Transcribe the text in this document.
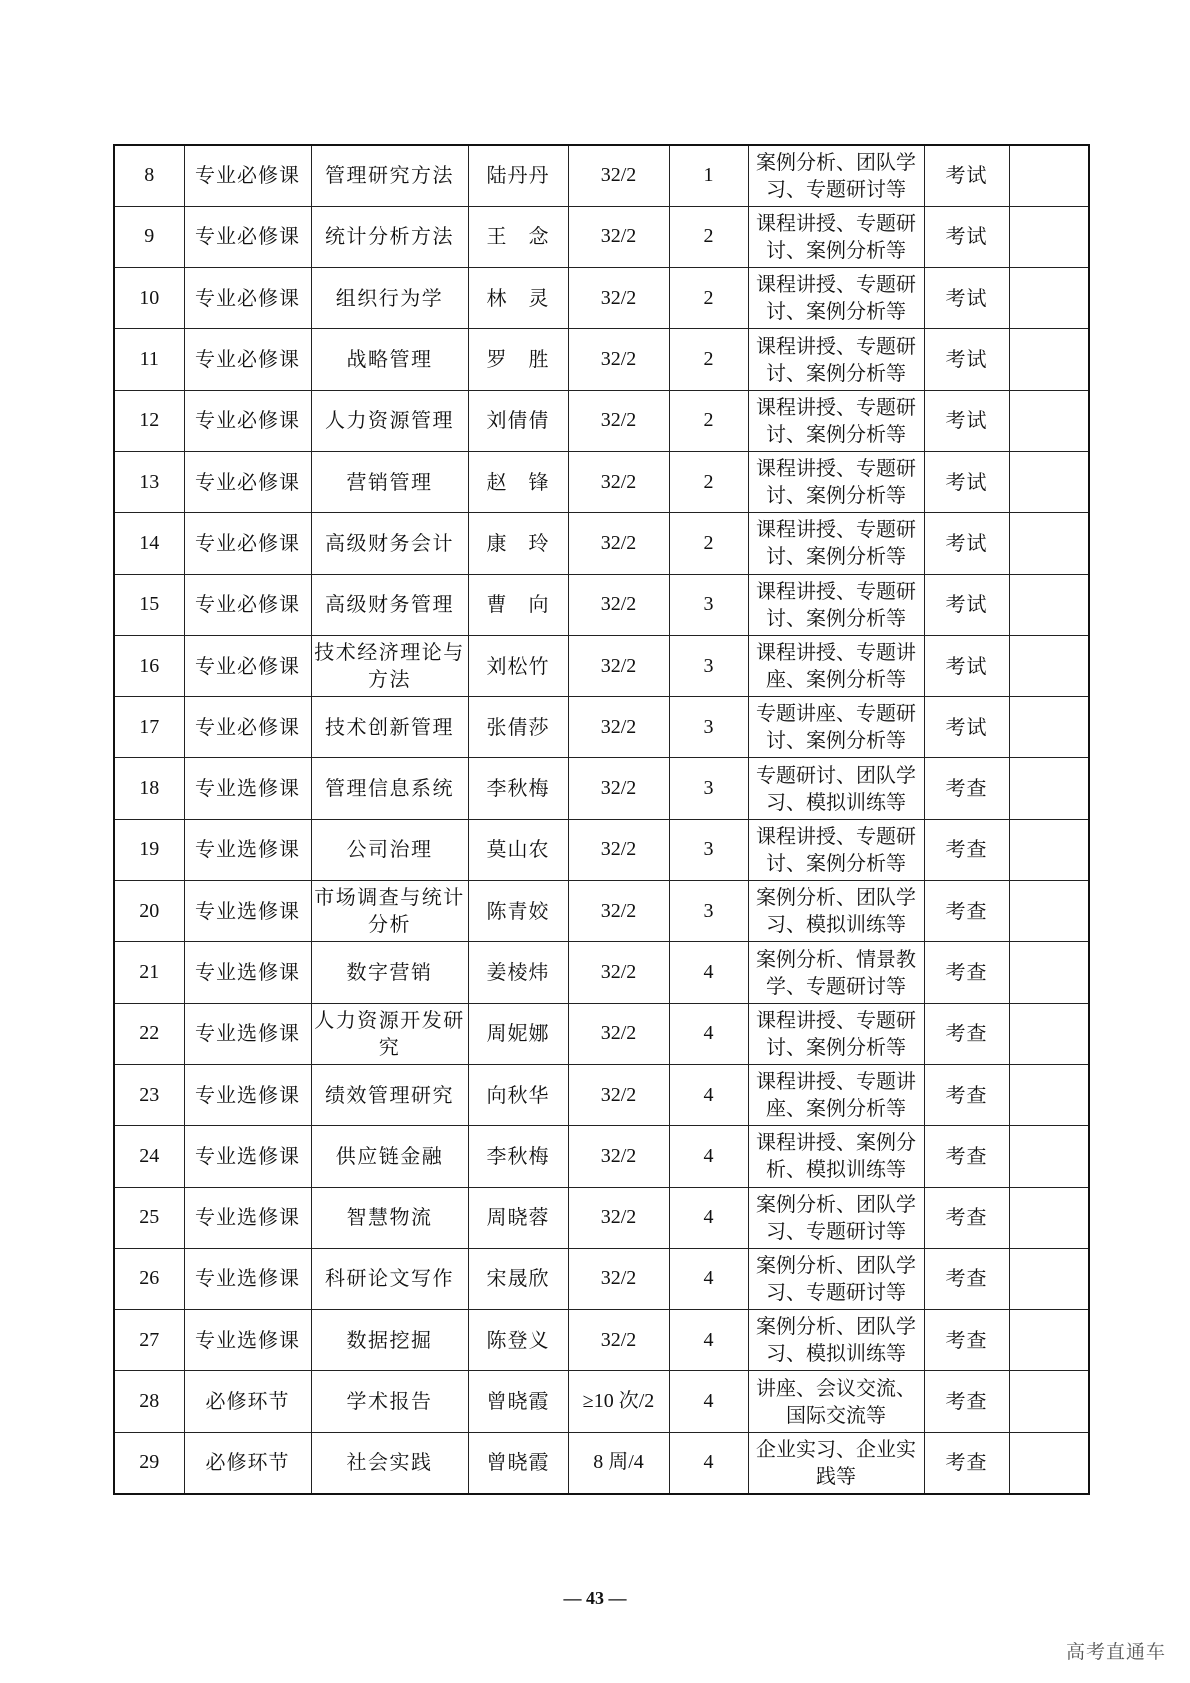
8	专业必修课	管理研究方法	陆丹丹	32/2	1	案例分析、团队学习、专题研讨等	考试	
9	专业必修课	统计分析方法	王　念	32/2	2	课程讲授、专题研讨、案例分析等	考试	
10	专业必修课	组织行为学	林　灵	32/2	2	课程讲授、专题研讨、案例分析等	考试	
11	专业必修课	战略管理	罗　胜	32/2	2	课程讲授、专题研讨、案例分析等	考试	
12	专业必修课	人力资源管理	刘倩倩	32/2	2	课程讲授、专题研讨、案例分析等	考试	
13	专业必修课	营销管理	赵　锋	32/2	2	课程讲授、专题研讨、案例分析等	考试	
14	专业必修课	高级财务会计	康　玲	32/2	2	课程讲授、专题研讨、案例分析等	考试	
15	专业必修课	高级财务管理	曹　向	32/2	3	课程讲授、专题研讨、案例分析等	考试	
16	专业必修课	技术经济理论与方法	刘松竹	32/2	3	课程讲授、专题讲座、案例分析等	考试	
17	专业必修课	技术创新管理	张倩莎	32/2	3	专题讲座、专题研讨、案例分析等	考试	
18	专业选修课	管理信息系统	李秋梅	32/2	3	专题研讨、团队学习、模拟训练等	考查	
19	专业选修课	公司治理	莫山农	32/2	3	课程讲授、专题研讨、案例分析等	考查	
20	专业选修课	市场调查与统计分析	陈青姣	32/2	3	案例分析、团队学习、模拟训练等	考查	
21	专业选修课	数字营销	姜棱炜	32/2	4	案例分析、情景教学、专题研讨等	考查	
22	专业选修课	人力资源开发研究	周妮娜	32/2	4	课程讲授、专题研讨、案例分析等	考查	
23	专业选修课	绩效管理研究	向秋华	32/2	4	课程讲授、专题讲座、案例分析等	考查	
24	专业选修课	供应链金融	李秋梅	32/2	4	课程讲授、案例分析、模拟训练等	考查	
25	专业选修课	智慧物流	周晓蓉	32/2	4	案例分析、团队学习、专题研讨等	考查	
26	专业选修课	科研论文写作	宋晟欣	32/2	4	案例分析、团队学习、专题研讨等	考查	
27	专业选修课	数据挖掘	陈登义	32/2	4	案例分析、团队学习、模拟训练等	考查	
28	必修环节	学术报告	曾晓霞	≥10 次/2	4	讲座、会议交流、国际交流等	考查	
29	必修环节	社会实践	曾晓霞	8 周/4	4	企业实习、企业实践等	考查	
— 43 —
高考直通车
